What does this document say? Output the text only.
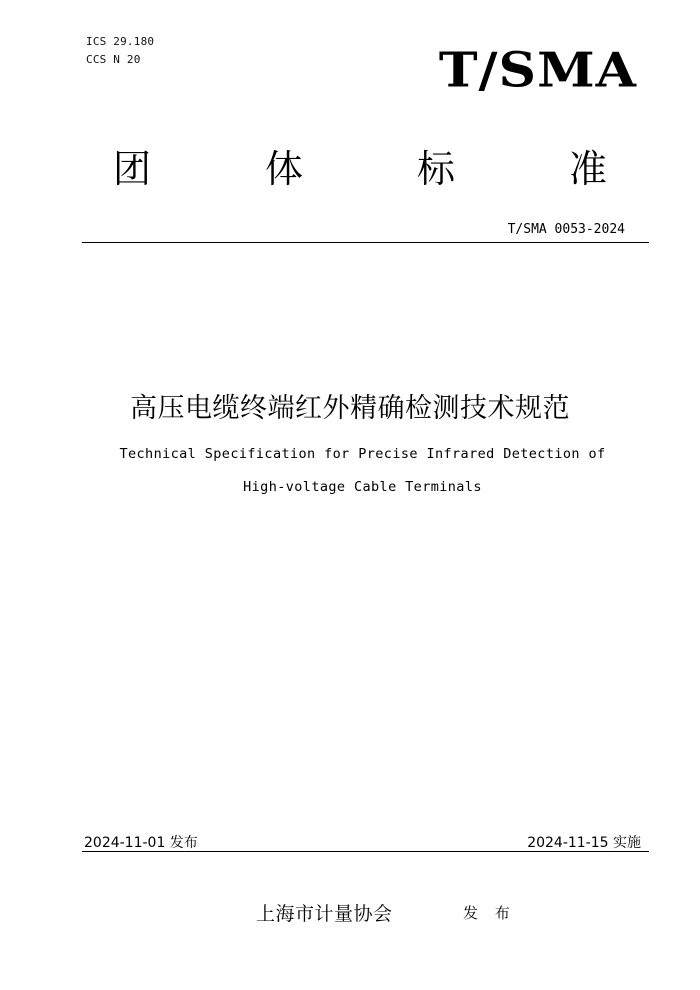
ICS 29.180
CCS N 20	T/SMA
团	体	标	准
T/SMA 0053-2024
高压电缆终端红外精确检测技术规范
Technical Specification for Precise Infrared Detection of
High-voltage Cable Terminals
2024-11-01 发布	2024-11-15 实施
上海市计量协会	发 布
